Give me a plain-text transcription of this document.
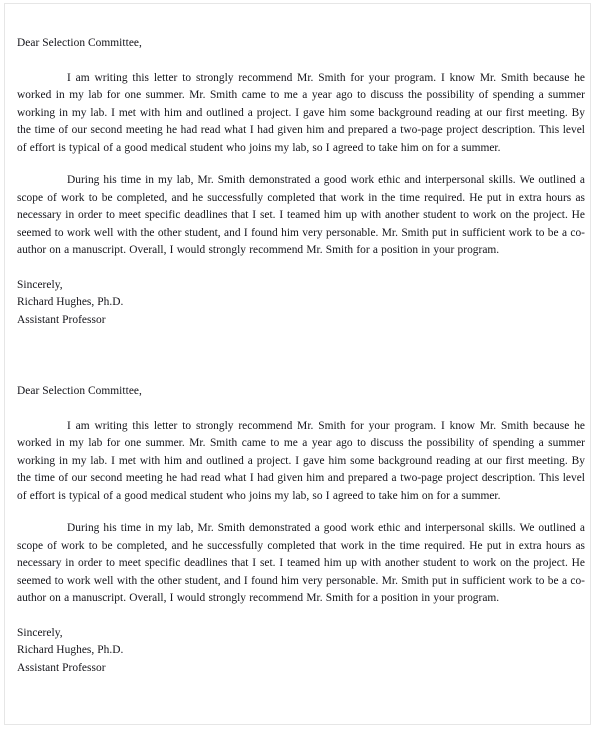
Dear Selection Committee,

I am writing this letter to strongly recommend Mr. Smith for your program. I know Mr. Smith because he worked in my lab for one summer. Mr. Smith came to me a year ago to discuss the possibility of spending a summer working in my lab. I met with him and outlined a project. I gave him some background reading at our first meeting. By the time of our second meeting he had read what I had given him and prepared a two-page project description. This level of effort is typical of a good medical student who joins my lab, so I agreed to take him on for a summer.

During his time in my lab, Mr. Smith demonstrated a good work ethic and interpersonal skills. We outlined a scope of work to be completed, and he successfully completed that work in the time required. He put in extra hours as necessary in order to meet specific deadlines that I set. I teamed him up with another student to work on the project. He seemed to work well with the other student, and I found him very personable. Mr. Smith put in sufficient work to be a co-author on a manuscript. Overall, I would strongly recommend Mr. Smith for a position in your program.

Sincerely,

Richard Hughes, Ph.D.

Assistant Professor

Dear Selection Committee,

I am writing this letter to strongly recommend Mr. Smith for your program. I know Mr. Smith because he worked in my lab for one summer. Mr. Smith came to me a year ago to discuss the possibility of spending a summer working in my lab. I met with him and outlined a project. I gave him some background reading at our first meeting. By the time of our second meeting he had read what I had given him and prepared a two-page project description. This level of effort is typical of a good medical student who joins my lab, so I agreed to take him on for a summer.

During his time in my lab, Mr. Smith demonstrated a good work ethic and interpersonal skills. We outlined a scope of work to be completed, and he successfully completed that work in the time required. He put in extra hours as necessary in order to meet specific deadlines that I set. I teamed him up with another student to work on the project. He seemed to work well with the other student, and I found him very personable. Mr. Smith put in sufficient work to be a co-author on a manuscript. Overall, I would strongly recommend Mr. Smith for a position in your program.

Sincerely,

Richard Hughes, Ph.D.

Assistant Professor
